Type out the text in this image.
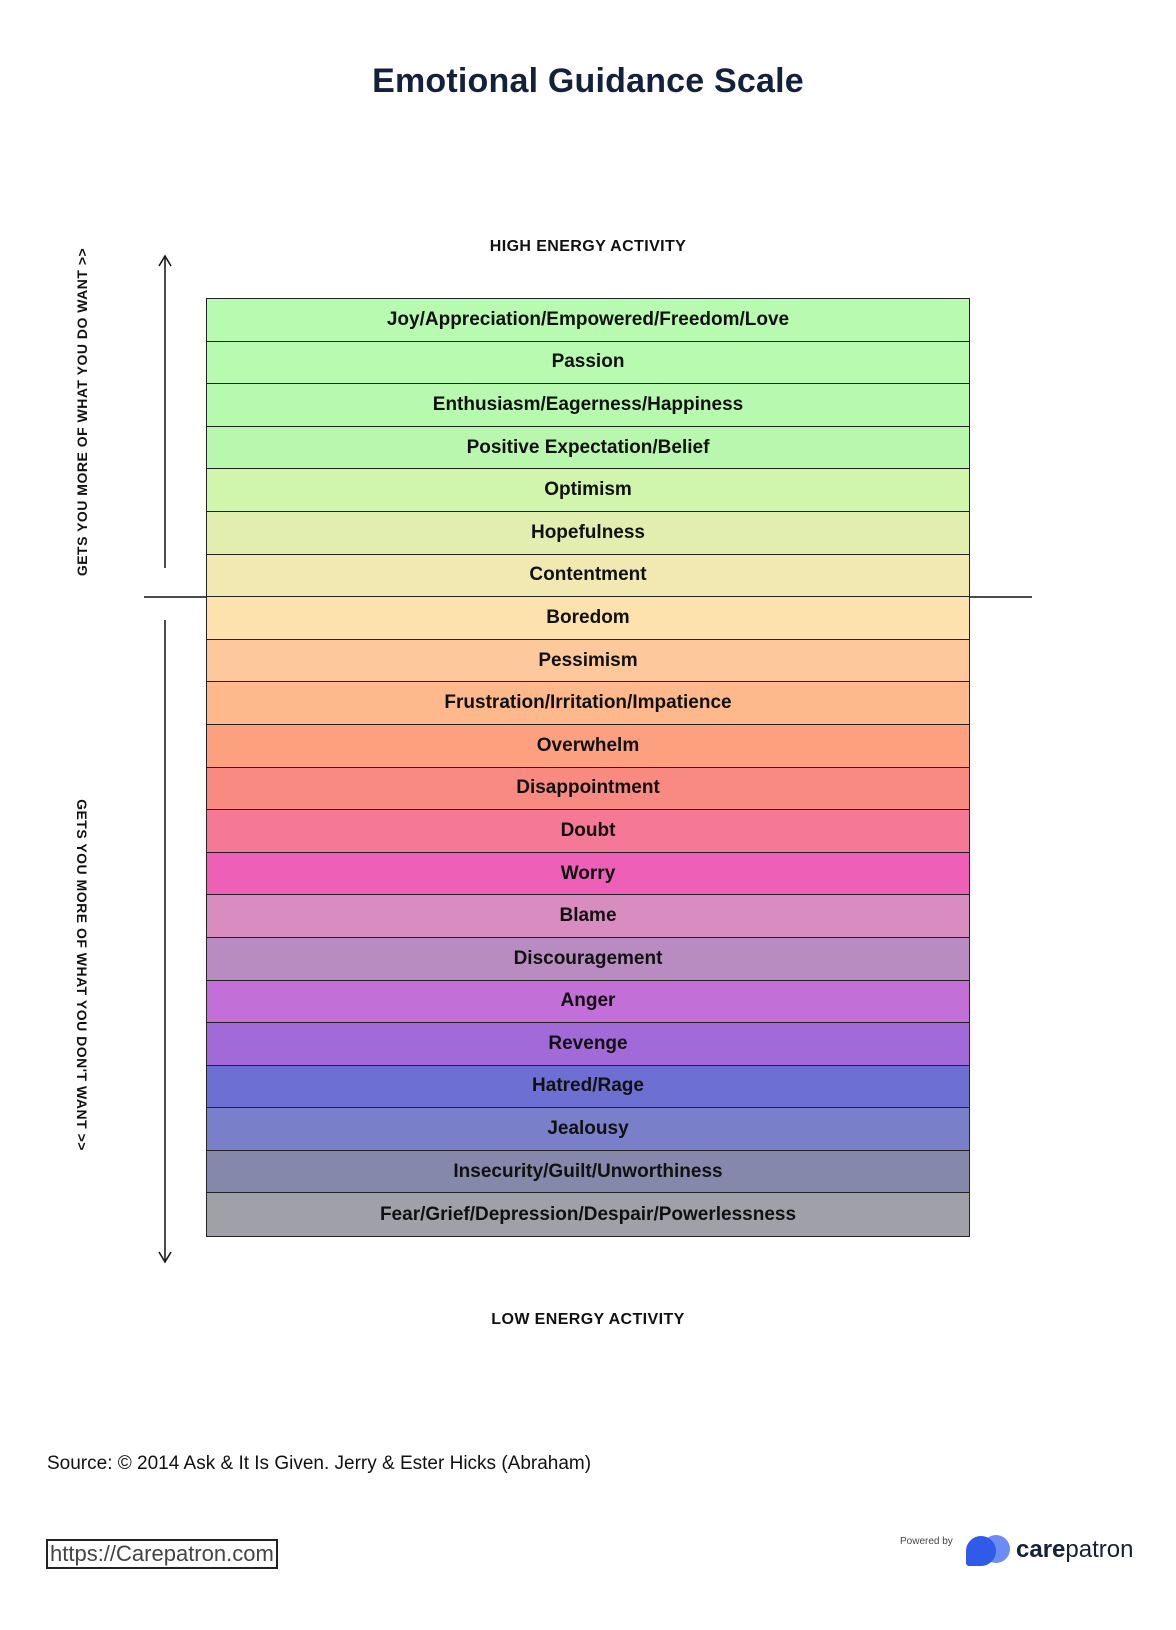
Emotional Guidance Scale
HIGH ENERGY ACTIVITY
GETS YOU MORE OF WHAT YOU DO WANT >>
GETS YOU MORE OF WHAT YOU DON'T WANT >>
Joy/Appreciation/Empowered/Freedom/Love
Passion
Enthusiasm/Eagerness/Happiness
Positive Expectation/Belief
Optimism
Hopefulness
Contentment
Boredom
Pessimism
Frustration/Irritation/Impatience
Overwhelm
Disappointment
Doubt
Worry
Blame
Discouragement
Anger
Revenge
Hatred/Rage
Jealousy
Insecurity/Guilt/Unworthiness
Fear/Grief/Depression/Despair/Powerlessness
LOW ENERGY ACTIVITY
Source: © 2014 Ask & It Is Given. Jerry & Ester Hicks (Abraham)
https://Carepatron.com	Powered by	carepatron
